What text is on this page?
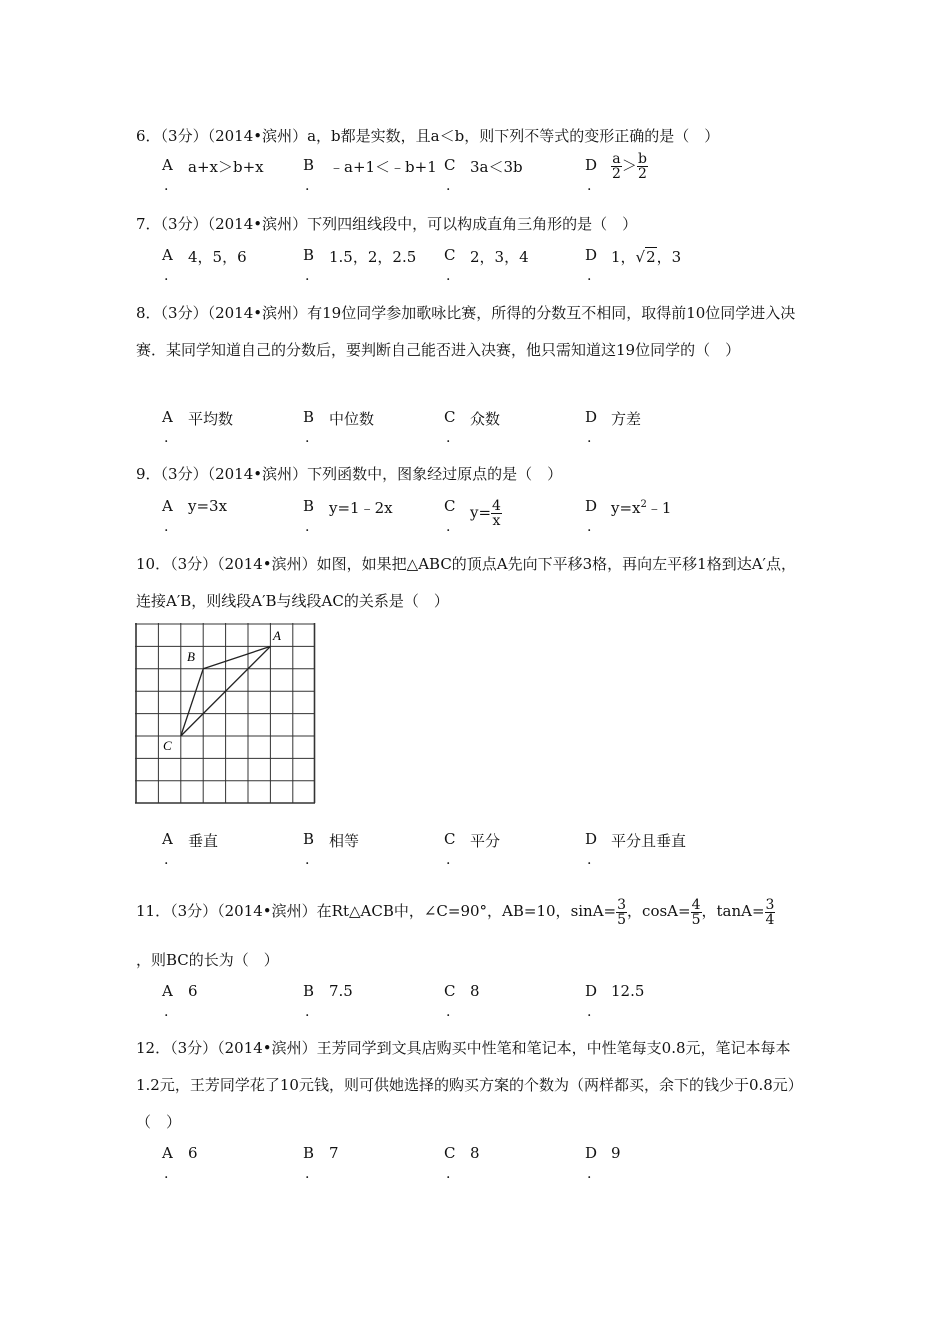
6．（3分）（2014•滨州）a，b都是实数，且a＜b，则下列不等式的变形正确的是（　）
A a+x＞b+x
.
B ﹣a+1＜﹣b+1
.
C 3a＜3b
.
D $\frac{a}{2} > \frac{b}{2}$
.
7．（3分）（2014•滨州）下列四组线段中，可以构成直角三角形的是（　）
A 4，5，6
.
B 1.5，2，2.5
.
C 2，3，4
.
D 1，√2，3
.
8．（3分）（2014•滨州）有19位同学参加歌咏比赛，所得的分数互不相同，取得前10位同学进入决赛．某同学知道自己的分数后，要判断自己能否进入决赛，他只需知道这19位同学的（　）
A 平均数
.
B 中位数
.
C 众数
.
D 方差
.
9．（3分）（2014•滨州）下列函数中，图象经过原点的是（　）
A y=3x
.
B y=1﹣2x
.
C $y= \frac{4}{x}$
.
D $y=x^2﹣1$
.
10．（3分）（2014•滨州）如图，如果把△ABC的顶点A先向下平移3格，再向左平移1格到达A′点，连接A′B，则线段A′B与线段AC的关系是（　）
A
B
C
A 垂直
.
B 相等
.
C 平分
.
D 平分且垂直
.
11．（3分）（2014•滨州）在Rt△ACB中，∠C=90°，AB=10，$\sin A= \frac{3}{5}$ ，$\cos A= \frac{4}{5}$ ，$\tan A= \frac{3}{4}$
，则BC的长为（　）
A 6
.
B 7.5
.
C 8
.
D 12.5
.
12．（3分）（2014•滨州）王芳同学到文具店购买中性笔和笔记本，中性笔每支0.8元，笔记本每本1.2元，王芳同学花了10元钱，则可供她选择的购买方案的个数为（两样都买，余下的钱少于0.8元）（　）
A 6
.
B 7
.
C 8
.
D 9
.
